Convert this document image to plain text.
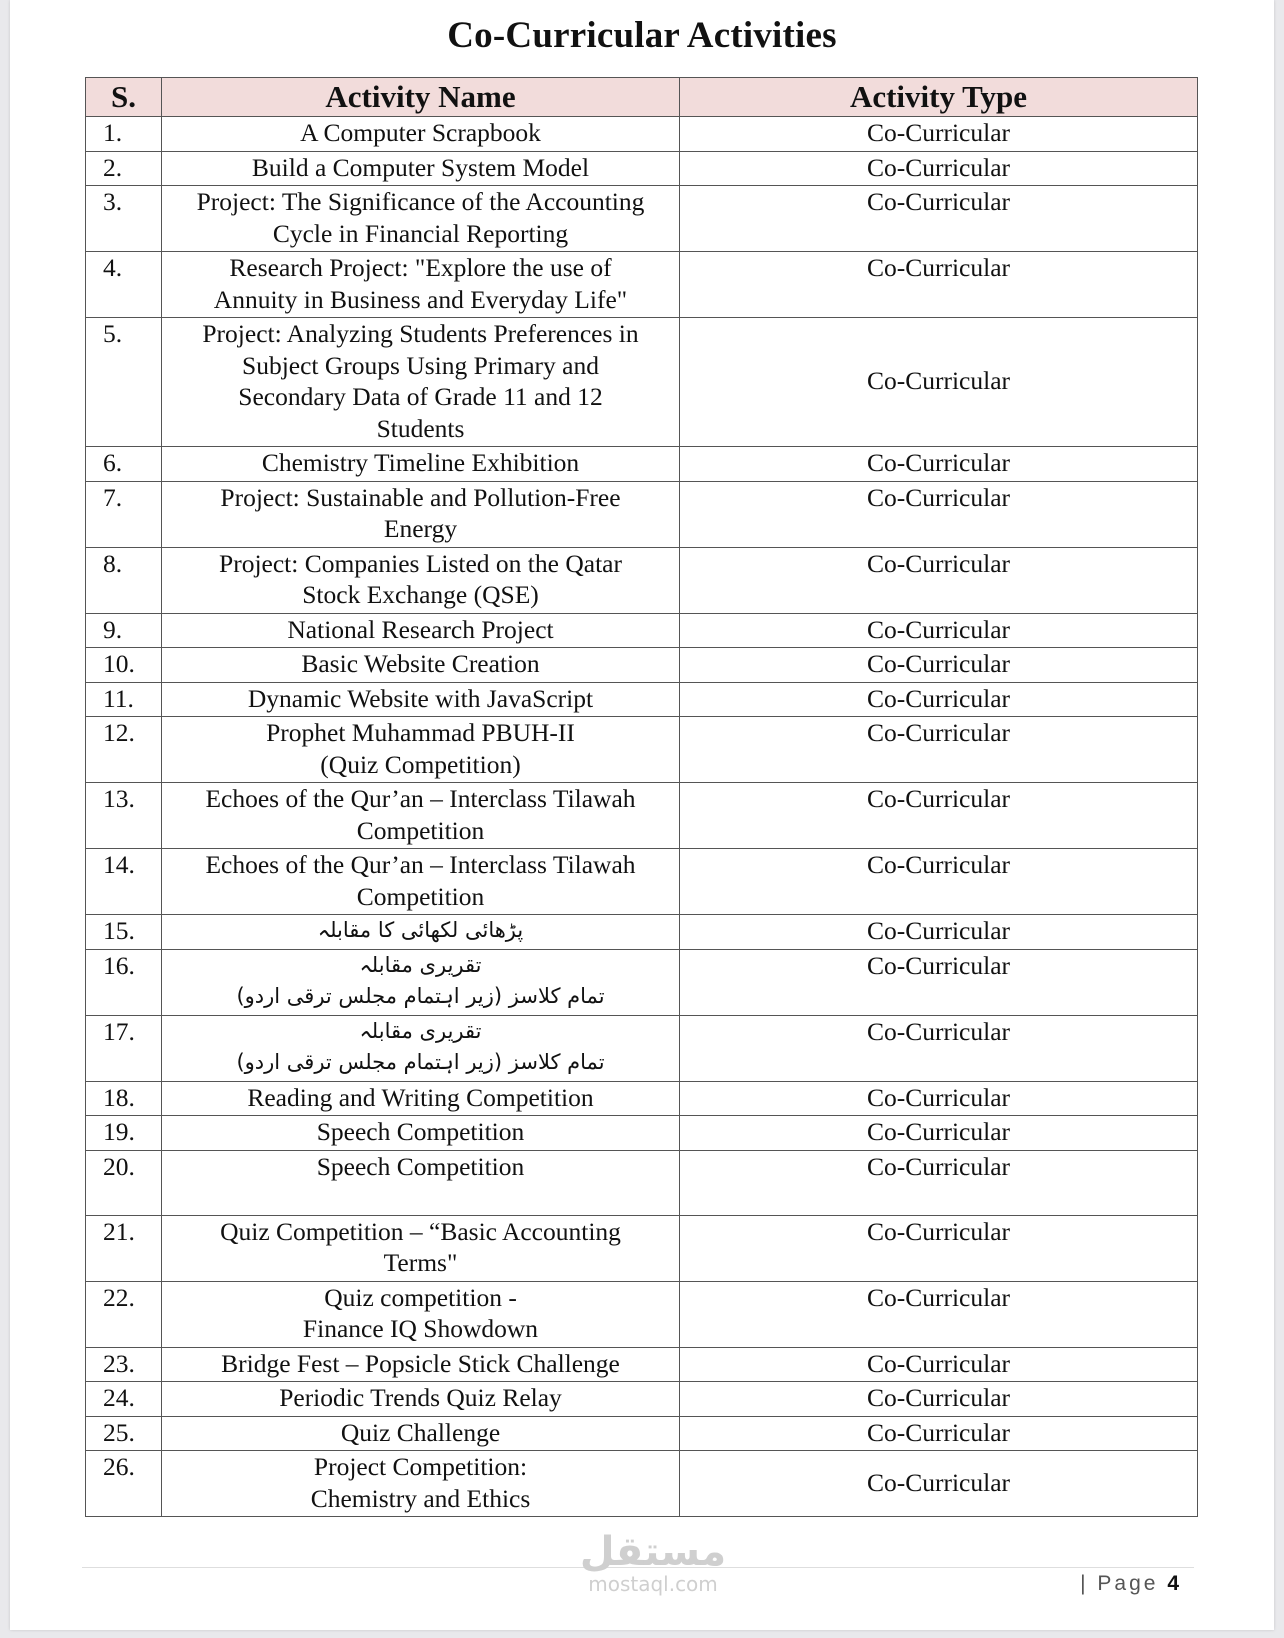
Co-Curricular Activities
S.	Activity Name	Activity Type
1.	A Computer Scrapbook	Co-Curricular
2.	Build a Computer System Model	Co-Curricular
3.	Project: The Significance of the Accounting
Cycle in Financial Reporting	Co-Curricular
4.	Research Project: "Explore the use of
Annuity in Business and Everyday Life"	Co-Curricular
5.	Project: Analyzing Students Preferences in
Subject Groups Using Primary and
Secondary Data of Grade 11 and 12
Students	Co-Curricular
6.	Chemistry Timeline Exhibition	Co-Curricular
7.	Project: Sustainable and Pollution-Free
Energy	Co-Curricular
8.	Project: Companies Listed on the Qatar
Stock Exchange (QSE)	Co-Curricular
9.	National Research Project	Co-Curricular
10.	Basic Website Creation	Co-Curricular
11.	Dynamic Website with JavaScript	Co-Curricular
12.	Prophet Muhammad PBUH-II
(Quiz Competition)	Co-Curricular
13.	Echoes of the Qur’an – Interclass Tilawah
Competition	Co-Curricular
14.	Echoes of the Qur’an – Interclass Tilawah
Competition	Co-Curricular
15.	پڑھائی لکھائی کا مقابلہ	Co-Curricular
16.	تقریری مقابلہ
تمام کلاسز (زیر اہتمام مجلس ترقی اردو)	Co-Curricular
17.	تقریری مقابلہ
تمام کلاسز (زیر اہتمام مجلس ترقی اردو)	Co-Curricular
18.	Reading and Writing Competition	Co-Curricular
19.	Speech Competition	Co-Curricular
20.	Speech Competition	Co-Curricular
21.	Quiz Competition – “Basic Accounting
Terms"	Co-Curricular
22.	Quiz competition -
Finance IQ Showdown	Co-Curricular
23.	Bridge Fest – Popsicle Stick Challenge	Co-Curricular
24.	Periodic Trends Quiz Relay	Co-Curricular
25.	Quiz Challenge	Co-Curricular
26.	Project Competition:
Chemistry and Ethics	Co-Curricular
مستقل
mostaql.com	| Page 4
